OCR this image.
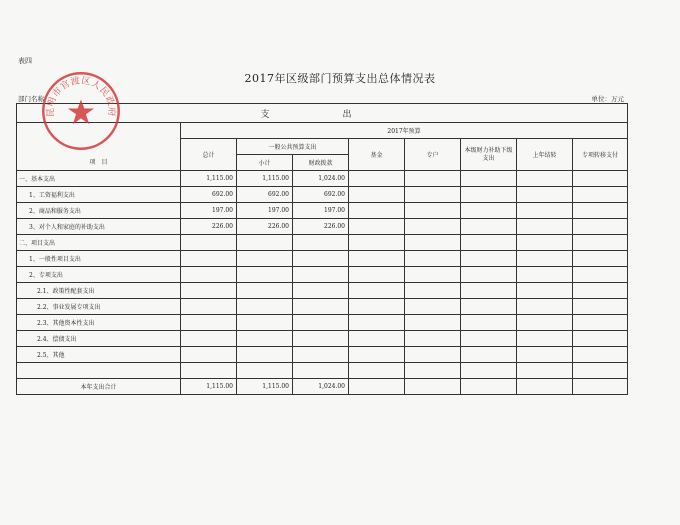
表四
2017年区级部门预算支出总体情况表
部门名称	单位：万元
支　出								
项　目	2017年预算							
	总计	一般公共预算支出		基金	专户	本级财力补助下级支出	上年结转	专项转移支付
		小计	财政拨款					
一、基本支出	1,115.00	1,115.00	1,024.00					
1、工资福利支出	692.00	692.00	692.00					
2、商品和服务支出	197.00	197.00	197.00					
3、对个人和家庭的补助支出	226.00	226.00	226.00					
二、项目支出								
1、一般性项目支出								
2、专项支出								
2.1、政策性配套支出								
2.2、事业发展专项支出								
2.3、其他资本性支出								
2.4、偿债支出								
2.5、其他								

本年支出合计	1,115.00	1,115.00	1,024.00					
昆明市官渡区人民政府
